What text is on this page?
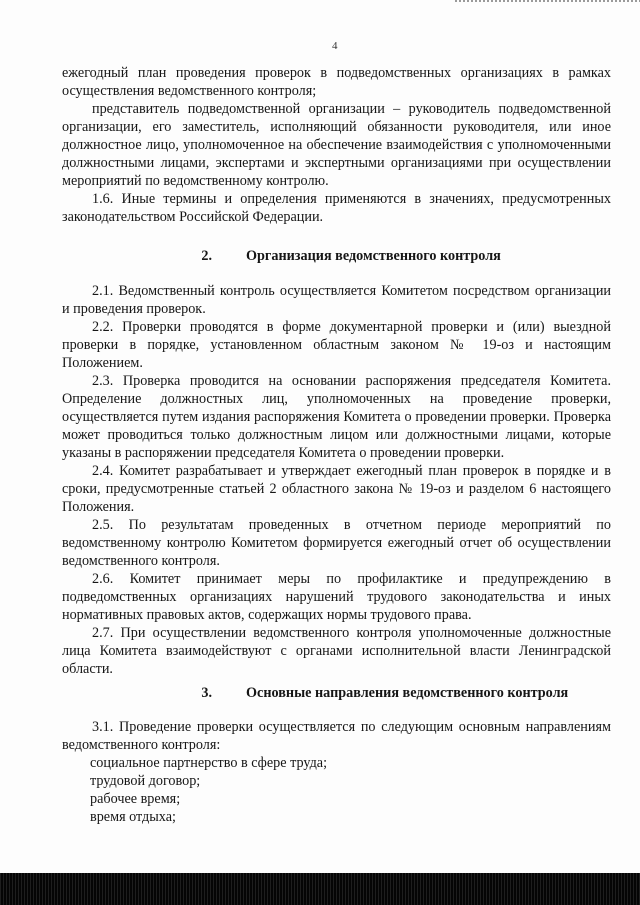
4

ежегодный план проведения проверок в подведомственных организациях в рамках осуществления ведомственного контроля;

представитель подведомственной организации – руководитель подведомственной организации, его заместитель, исполняющий обязанности руководителя, или иное должностное лицо, уполномоченное на обеспечение взаимодействия с уполномоченными должностными лицами, экспертами и экспертными организациями при осуществлении мероприятий по ведомственному контролю.

1.6. Иные термины и определения применяются в значениях, предусмотренных законодательством Российской Федерации.

2. Организация ведомственного контроля

2.1. Ведомственный контроль осуществляется Комитетом посредством организации и проведения проверок.

2.2. Проверки проводятся в форме документарной проверки и (или) выездной проверки в порядке, установленном областным законом № 19-оз и настоящим Положением.

2.3. Проверка проводится на основании распоряжения председателя Комитета. Определение должностных лиц, уполномоченных на проведение проверки, осуществляется путем издания распоряжения Комитета о проведении проверки. Проверка может проводиться только должностным лицом или должностными лицами, которые указаны в распоряжении председателя Комитета о проведении проверки.

2.4. Комитет разрабатывает и утверждает ежегодный план проверок в порядке и в сроки, предусмотренные статьей 2 областного закона № 19-оз и разделом 6 настоящего Положения.

2.5. По результатам проведенных в отчетном периоде мероприятий по ведомственному контролю Комитетом формируется ежегодный отчет об осуществлении ведомственного контроля.

2.6. Комитет принимает меры по профилактике и предупреждению в подведомственных организациях нарушений трудового законодательства и иных нормативных правовых актов, содержащих нормы трудового права.

2.7. При осуществлении ведомственного контроля уполномоченные должностные лица Комитета взаимодействуют с органами исполнительной власти Ленинградской области.

3. Основные направления ведомственного контроля

3.1. Проведение проверки осуществляется по следующим основным направлениям ведомственного контроля:

социальное партнерство в сфере труда;

трудовой договор;

рабочее время;

время отдыха;
